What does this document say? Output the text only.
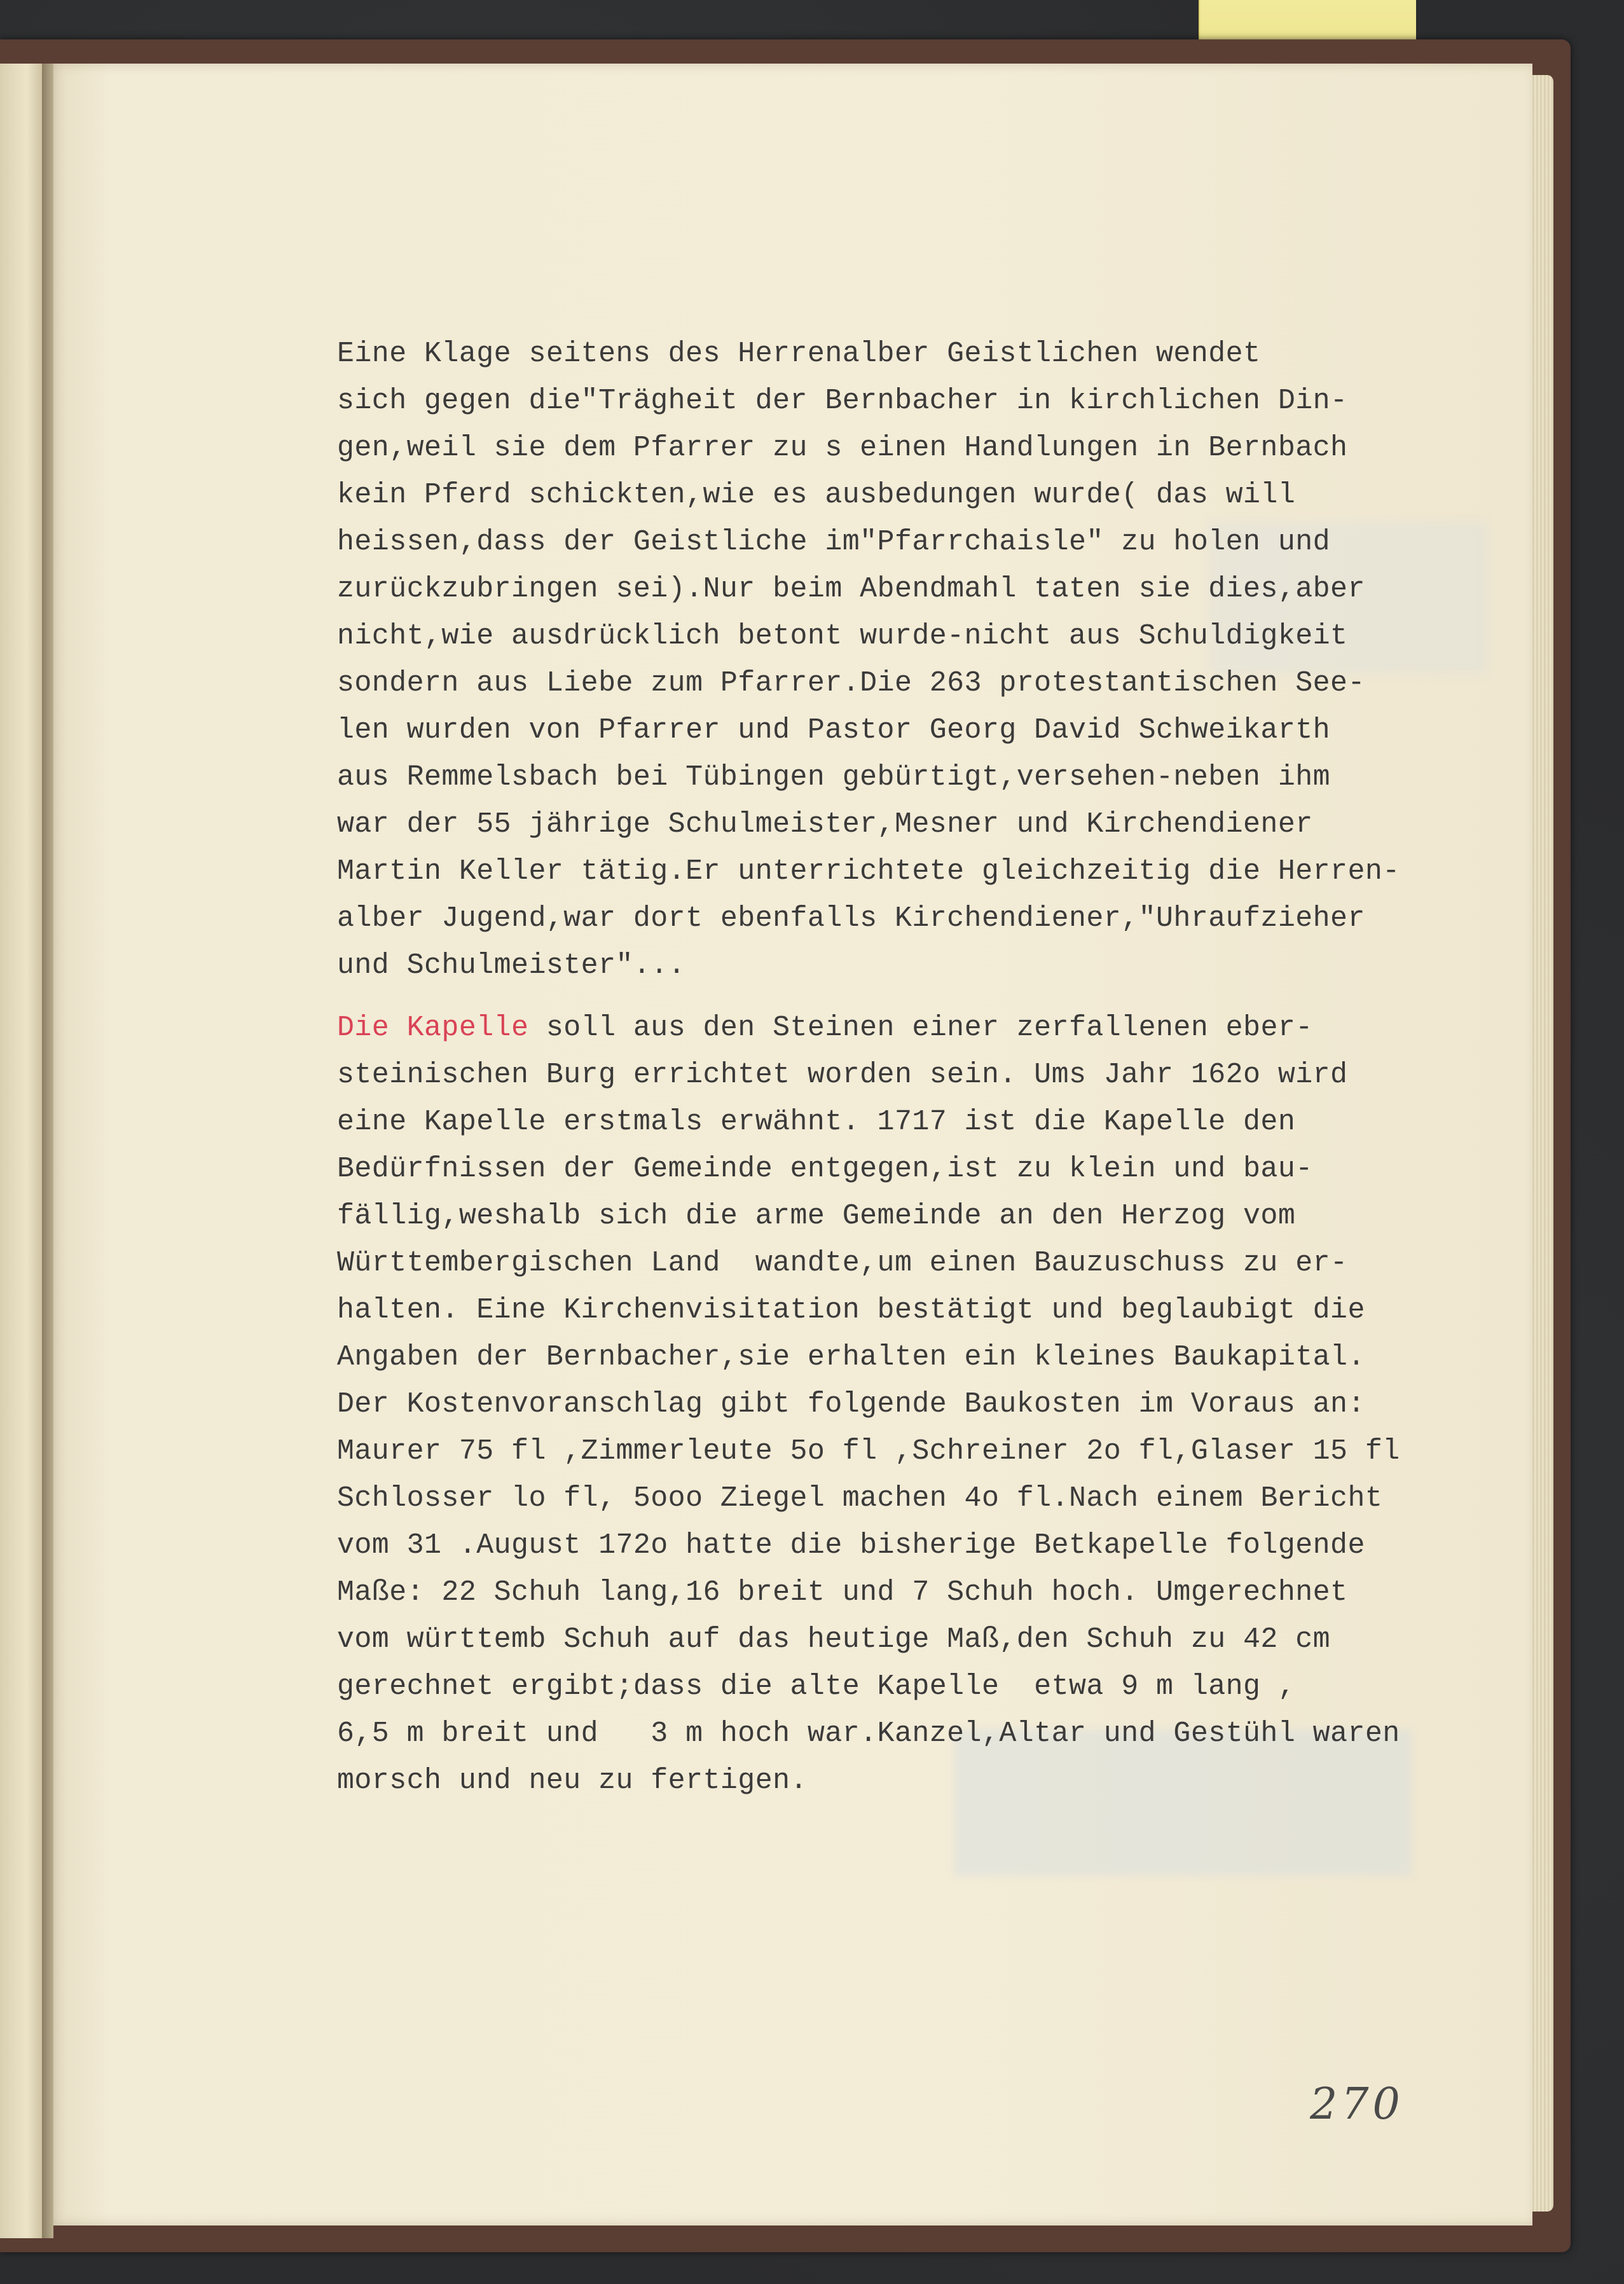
Eine Klage seitens des Herrenalber Geistlichen wendet
sich gegen die"Trägheit der Bernbacher in kirchlichen Din-
gen,weil sie dem Pfarrer zu s einen Handlungen in Bernbach
kein Pferd schickten,wie es ausbedungen wurde( das will
heissen,dass der Geistliche im"Pfarrchaisle" zu holen und
zurückzubringen sei).Nur beim Abendmahl taten sie dies,aber
nicht,wie ausdrücklich betont wurde-nicht aus Schuldigkeit
sondern aus Liebe zum Pfarrer.Die 263 protestantischen See-
len wurden von Pfarrer und Pastor Georg David Schweikarth
aus Remmelsbach bei Tübingen gebürtigt,versehen-neben ihm
war der 55 jährige Schulmeister,Mesner und Kirchendiener
Martin Keller tätig.Er unterrichtete gleichzeitig die Herren-
alber Jugend,war dort ebenfalls Kirchendiener,"Uhraufzieher
und Schulmeister"...

Die Kapelle soll aus den Steinen einer zerfallenen eber-
steinischen Burg errichtet worden sein. Ums Jahr 162o wird
eine Kapelle erstmals erwähnt. 1717 ist die Kapelle den
Bedürfnissen der Gemeinde entgegen,ist zu klein und bau-
fällig,weshalb sich die arme Gemeinde an den Herzog vom
Württembergischen Land  wandte,um einen Bauzuschuss zu er-
halten. Eine Kirchenvisitation bestätigt und beglaubigt die
Angaben der Bernbacher,sie erhalten ein kleines Baukapital.
Der Kostenvoranschlag gibt folgende Baukosten im Voraus an:
Maurer 75 fl ,Zimmerleute 5o fl ,Schreiner 2o fl,Glaser 15 fl
Schlosser lo fl, 5ooo Ziegel machen 4o fl.Nach einem Bericht
vom 31 .August 172o hatte die bisherige Betkapelle folgende
Maße: 22 Schuh lang,16 breit und 7 Schuh hoch. Umgerechnet
vom württemb Schuh auf das heutige Maß,den Schuh zu 42 cm
gerechnet ergibt;dass die alte Kapelle  etwa 9 m lang ,
6,5 m breit und   3 m hoch war.Kanzel,Altar und Gestühl waren
morsch und neu zu fertigen.

270
